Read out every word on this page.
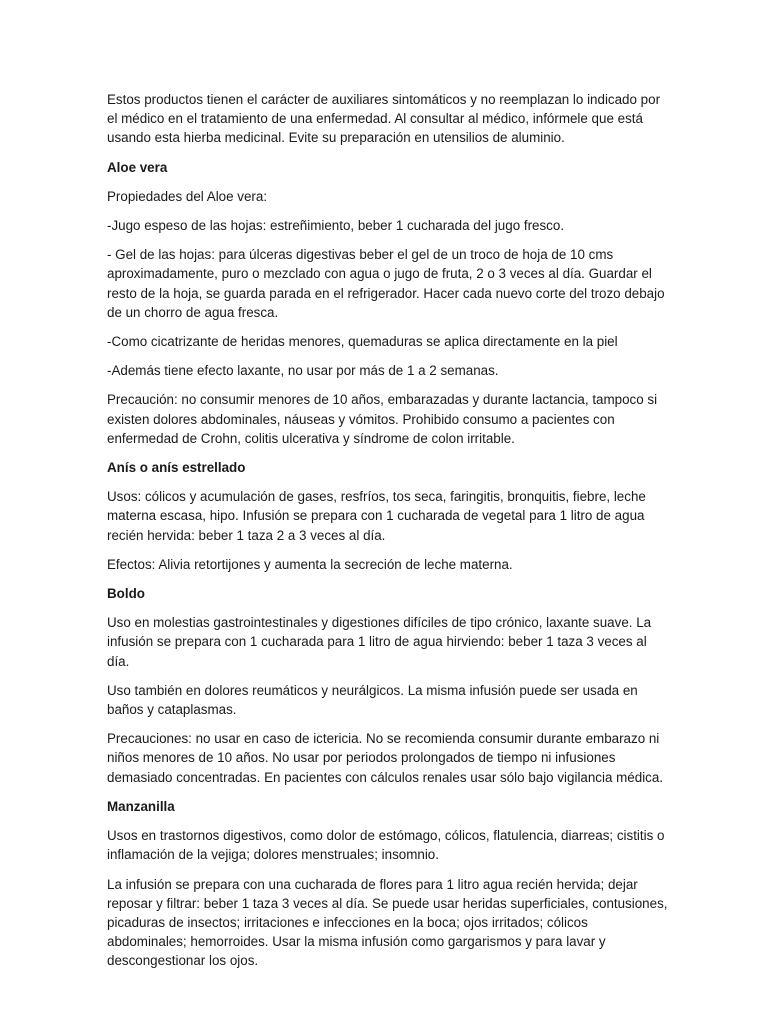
Estos productos tienen el carácter de auxiliares sintomáticos y no reemplazan lo indicado por el médico en el tratamiento de una enfermedad. Al consultar al médico, infórmele que está usando esta hierba medicinal. Evite su preparación en utensilios de aluminio.

Aloe vera

Propiedades del Aloe vera:

-Jugo espeso de las hojas: estreñimiento, beber 1 cucharada del jugo fresco.

- Gel de las hojas: para úlceras digestivas beber el gel de un troco de hoja de 10 cms aproximadamente, puro o mezclado con agua o jugo de fruta, 2 o 3 veces al día. Guardar el resto de la hoja, se guarda parada en el refrigerador. Hacer cada nuevo corte del trozo debajo de un chorro de agua fresca.

-Como cicatrizante de heridas menores, quemaduras se aplica directamente en la piel

-Además tiene efecto laxante, no usar por más de 1 a 2 semanas.

Precaución: no consumir menores de 10 años, embarazadas y durante lactancia, tampoco si existen dolores abdominales, náuseas y vómitos. Prohibido consumo a pacientes con enfermedad de Crohn, colitis ulcerativa y síndrome de colon irritable.

Anís o anís estrellado

Usos: cólicos y acumulación de gases, resfríos, tos seca, faringitis, bronquitis, fiebre, leche materna escasa, hipo. Infusión se prepara con 1 cucharada de vegetal para 1 litro de agua recién hervida: beber 1 taza 2 a 3 veces al día.

Efectos: Alivia retortijones y aumenta la secreción de leche materna.

Boldo

Uso en molestias gastrointestinales y digestiones difíciles de tipo crónico, laxante suave. La infusión se prepara con 1 cucharada para 1 litro de agua hirviendo: beber 1 taza 3 veces al día.

Uso también en dolores reumáticos y neurálgicos. La misma infusión puede ser usada en baños y cataplasmas.

Precauciones: no usar en caso de ictericia. No se recomienda consumir durante embarazo ni niños menores de 10 años. No usar por periodos prolongados de tiempo ni infusiones demasiado concentradas. En pacientes con cálculos renales usar sólo bajo vigilancia médica.

Manzanilla

Usos en trastornos digestivos, como dolor de estómago, cólicos, flatulencia, diarreas; cistitis o inflamación de la vejiga; dolores menstruales; insomnio.

La infusión se prepara con una cucharada de flores para 1 litro agua recién hervida; dejar reposar y filtrar: beber 1 taza 3 veces al día. Se puede usar heridas superficiales, contusiones, picaduras de insectos; irritaciones e infecciones en la boca; ojos irritados; cólicos abdominales; hemorroides. Usar la misma infusión como gargarismos y para lavar y descongestionar los ojos.
